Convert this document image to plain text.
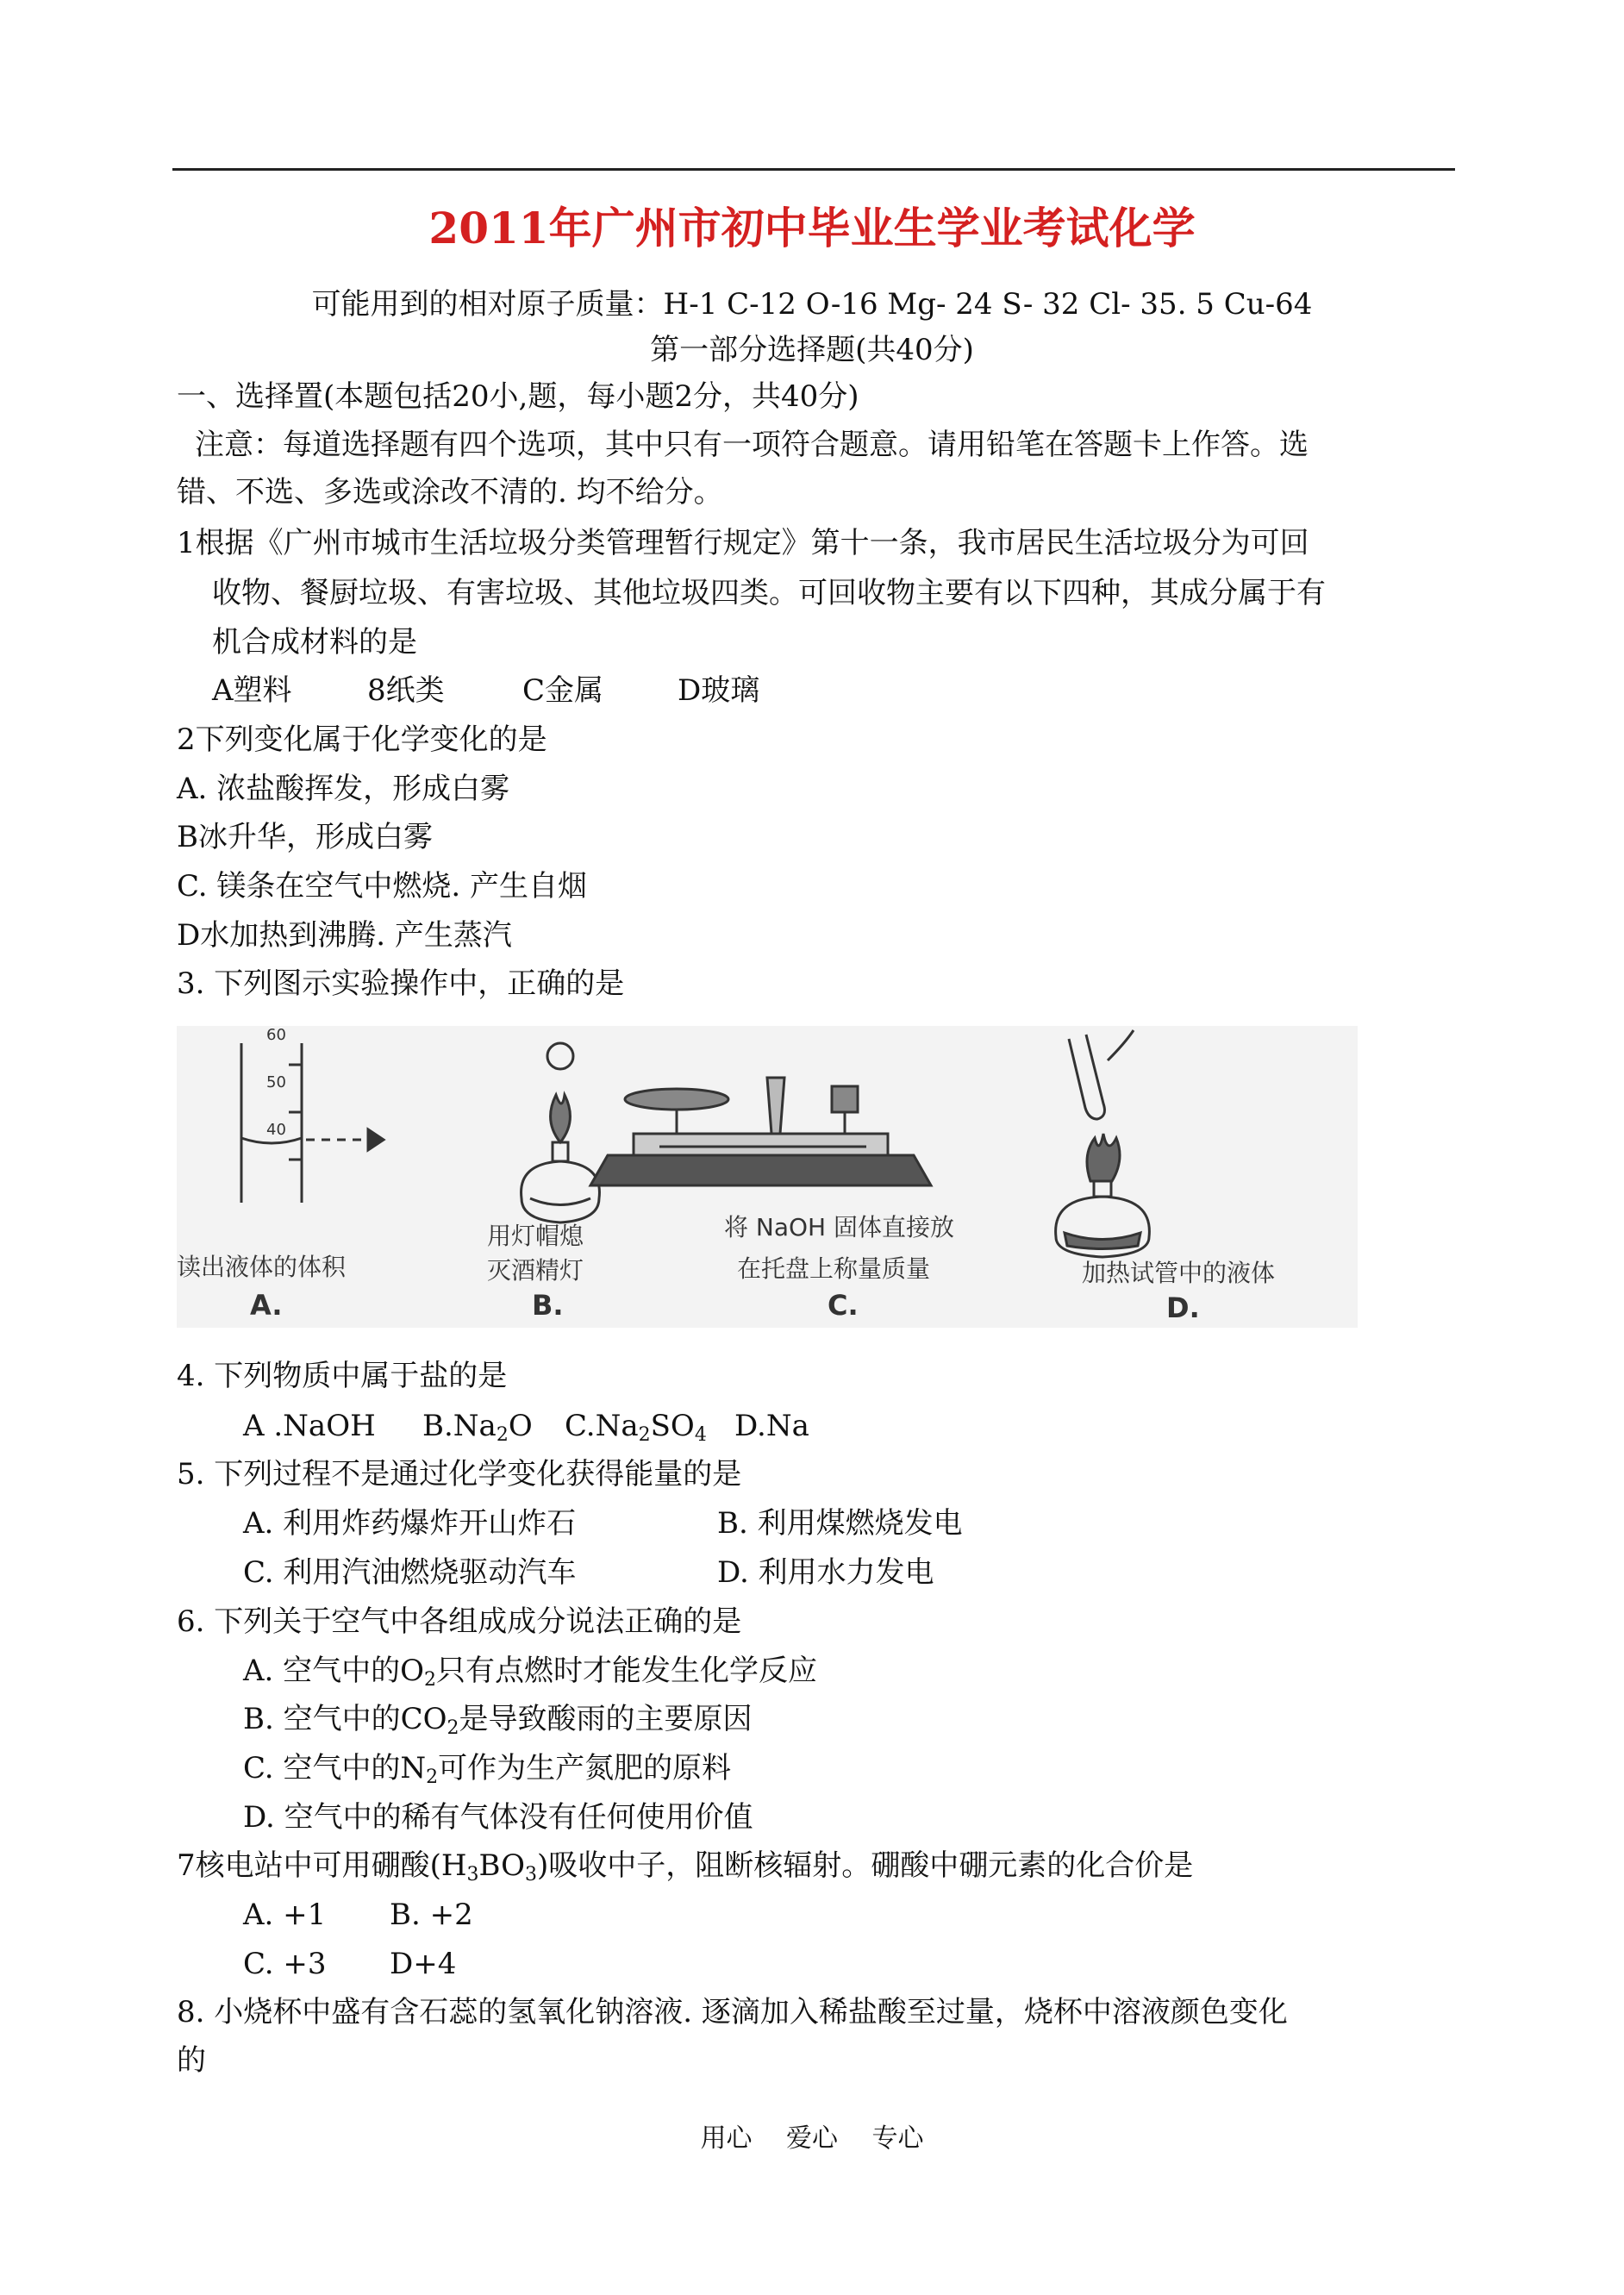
2011年广州市初中毕业生学业考试化学
可能用到的相对原子质量：H-1 C-12 O-16 Mg- 24 S- 32 Cl- 35. 5 Cu-64
第一部分选择题(共40分)
一、选择置(本题包括20小,题，每小题2分，共40分)
注意：每道选择题有四个选项，其中只有一项符合题意。请用铅笔在答题卡上作答。选
错、不选、多选或涂改不清的. 均不给分。
1根据《广州市城市生活垃圾分类管理暂行规定》第十一条，我市居民生活垃圾分为可回
收物、餐厨垃圾、有害垃圾、其他垃圾四类。可回收物主要有以下四种，其成分属于有
机合成材料的是
A塑料	8纸类	C金属	D玻璃
2下列变化属于化学变化的是
A. 浓盐酸挥发，形成白雾
B冰升华，形成白雾
C. 镁条在空气中燃烧. 产生自烟
D水加热到沸腾. 产生蒸汽
3. 下列图示实验操作中，正确的是
60
50
40
读出液体的体积
A.
用灯帽熄
灭酒精灯
B.
将 NaOH 固体直接放
在托盘上称量质量
C.
加热试管中的液体
D.
4. 下列物质中属于盐的是
A .NaOH $B.Na_2O$ $C.Na_2SO_4$ D.Na
5. 下列过程不是通过化学变化获得能量的是
A. 利用炸药爆炸开山炸石	B. 利用煤燃烧发电
C. 利用汽油燃烧驱动汽车	D. 利用水力发电
6. 下列关于空气中各组成成分说法正确的是
A. 空气中的$O_2$只有点燃时才能发生化学反应
B. 空气中的$CO_2$是导致酸雨的主要原因
C. 空气中的$N_2$可作为生产氮肥的原料
D. 空气中的稀有气体没有任何使用价值
7核电站中可用硼酸$(H_3BO_3)$吸收中子，阻断核辐射。硼酸中硼元素的化合价是
A. +1 B. +2
C. +3 D+4
8. 小烧杯中盛有含石蕊的氢氧化钠溶液. 逐滴加入稀盐酸至过量，烧杯中溶液颜色变化
的
用心 爱心 专心
